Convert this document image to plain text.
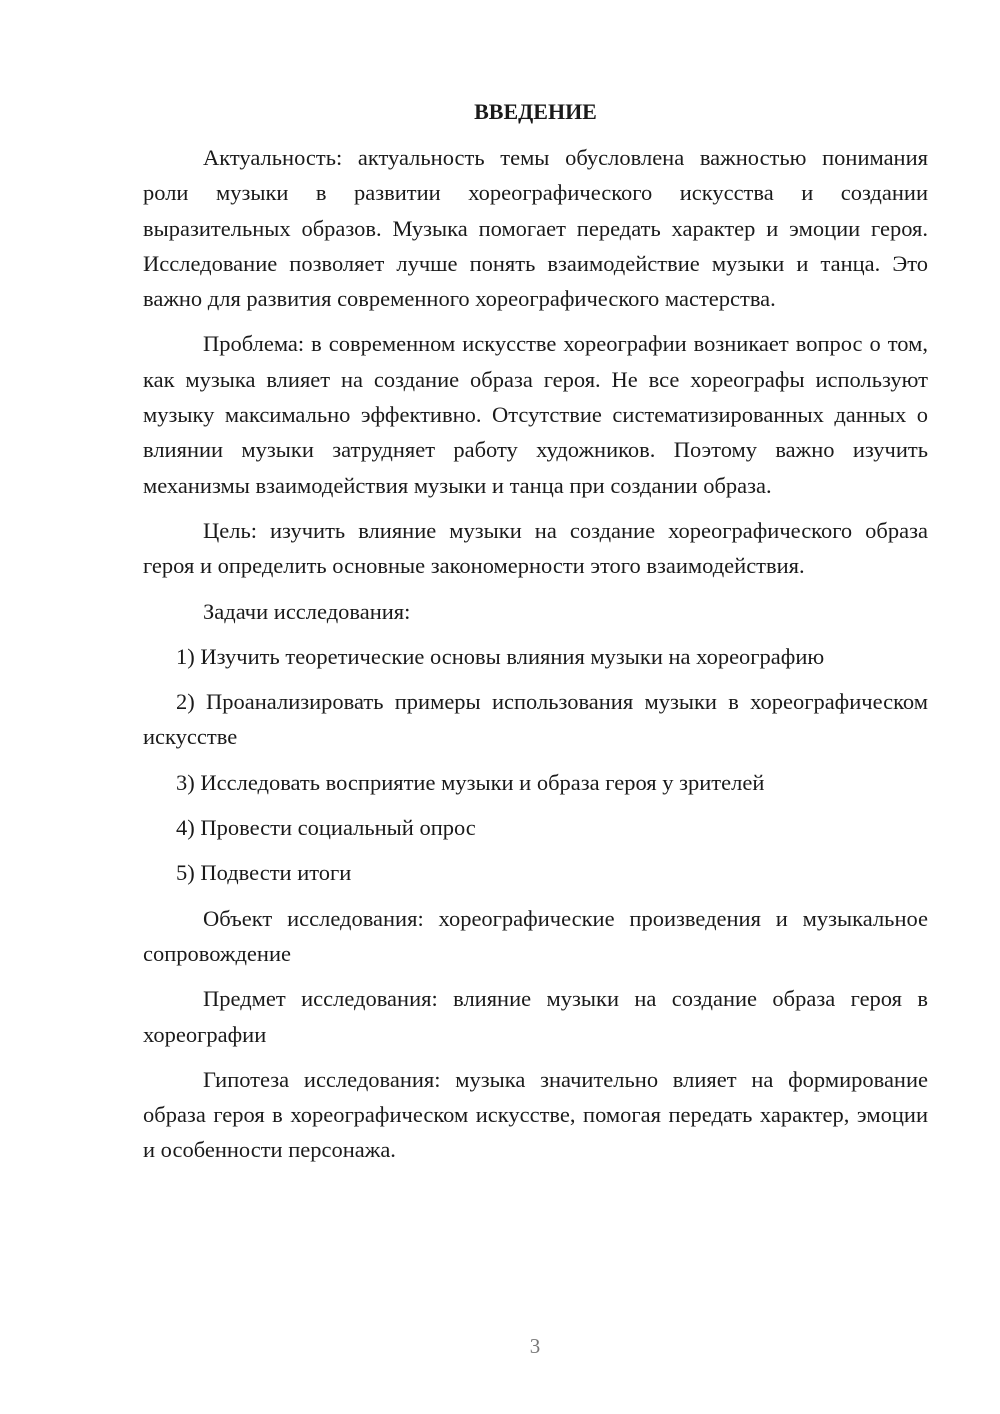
ВВЕДЕНИЕ

Актуальность: актуальность темы обусловлена важностью понимания роли музыки в развитии хореографического искусства и создании выразительных образов. Музыка помогает передать характер и эмоции героя. Исследование позволяет лучше понять взаимодействие музыки и танца. Это важно для развития современного хореографического мастерства.

Проблема: в современном искусстве хореографии возникает вопрос о том, как музыка влияет на создание образа героя. Не все хореографы используют музыку максимально эффективно. Отсутствие систематизированных данных о влиянии музыки затрудняет работу художников. Поэтому важно изучить механизмы взаимодействия музыки и танца при создании образа.

Цель: изучить влияние музыки на создание хореографического образа героя и определить основные закономерности этого взаимодействия.

Задачи исследования:

1) Изучить теоретические основы влияния музыки на хореографию

2) Проанализировать примеры использования музыки в хореографическом искусстве

3) Исследовать восприятие музыки и образа героя у зрителей

4) Провести социальный опрос

5) Подвести итоги

Объект исследования: хореографические произведения и музыкальное сопровождение

Предмет исследования: влияние музыки на создание образа героя в хореографии

Гипотеза исследования: музыка значительно влияет на формирование образа героя в хореографическом искусстве, помогая передать характер, эмоции и особенности персонажа.

3
